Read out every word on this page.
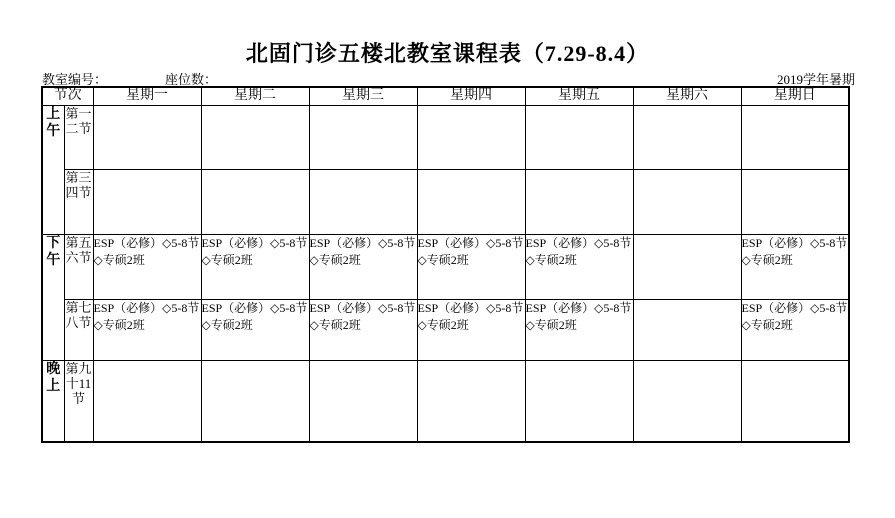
北固门诊五楼北教室课程表（7.29-8.4）
教室编号：	座位数：	2019学年暑期
节次		星期一	星期二	星期三	星期四	星期五	星期六	星期日
上午	第一二节							
	第三四节							
下午	第五六节	ESP（必修）◇5-8节◇专硕2班	ESP（必修）◇5-8节◇专硕2班	ESP（必修）◇5-8节◇专硕2班	ESP（必修）◇5-8节◇专硕2班	ESP（必修）◇5-8节◇专硕2班		ESP（必修）◇5-8节◇专硕2班
	第七八节	ESP（必修）◇5-8节◇专硕2班	ESP（必修）◇5-8节◇专硕2班	ESP（必修）◇5-8节◇专硕2班	ESP（必修）◇5-8节◇专硕2班	ESP（必修）◇5-8节◇专硕2班		ESP（必修）◇5-8节◇专硕2班
晚上	第九十11节							
